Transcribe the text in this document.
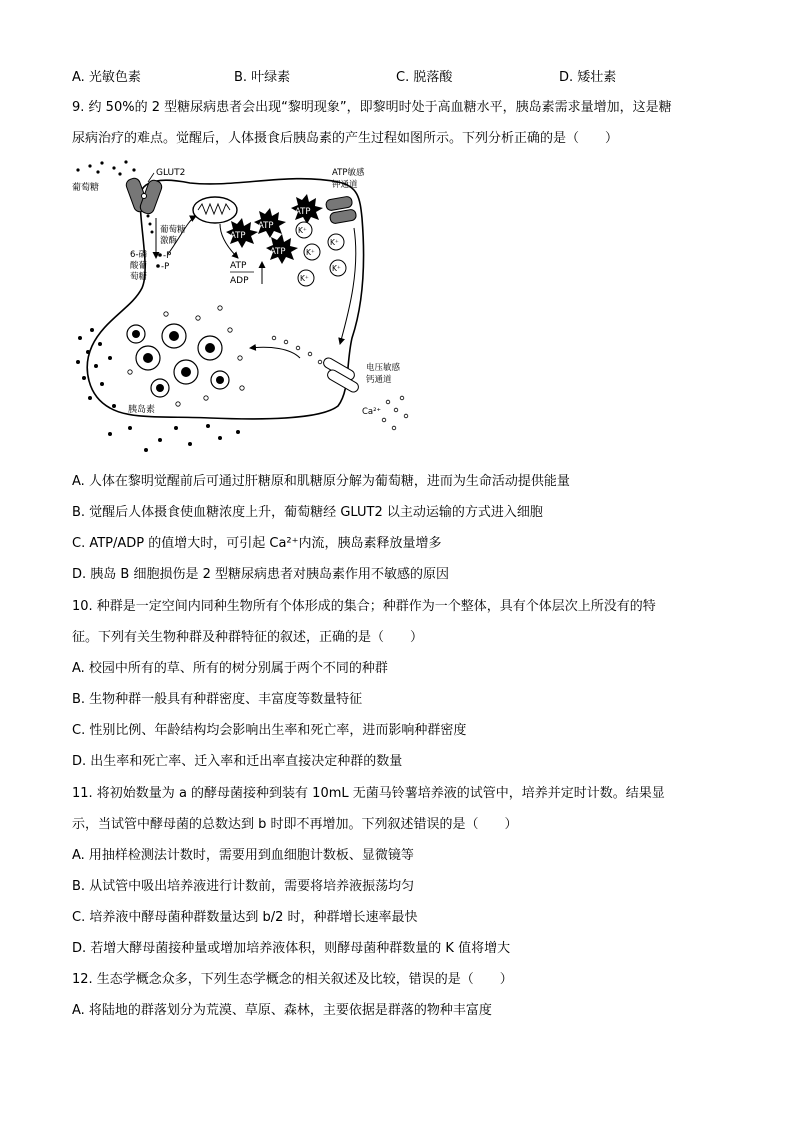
A. 光敏色素	B. 叶绿素	C. 脱落酸	D. 矮壮素
9. 约 50%的 2 型糖尿病患者会出现“黎明现象”，即黎明时处于高血糖水平，胰岛素需求量增加，这是糖
尿病治疗的难点。觉醒后，人体摄食后胰岛素的产生过程如图所示。下列分析正确的是（　　）
葡萄糖
GLUT2
葡萄糖
激酶
6-磷
酸葡
萄糖
-P
-P	ATP
ADP
ATP
ATP
ATP
ATP
K⁺
K⁺
K⁺
K⁺
K⁺
ATP敏感
钾通道
电压敏感
钙通道
Ca²⁺
胰岛素
A. 人体在黎明觉醒前后可通过肝糖原和肌糖原分解为葡萄糖，进而为生命活动提供能量
B. 觉醒后人体摄食使血糖浓度上升，葡萄糖经 GLUT2 以主动运输的方式进入细胞
C. ATP/ADP 的值增大时，可引起 Ca²⁺内流，胰岛素释放量增多
D. 胰岛 B 细胞损伤是 2 型糖尿病患者对胰岛素作用不敏感的原因
10. 种群是一定空间内同种生物所有个体形成的集合；种群作为一个整体，具有个体层次上所没有的特
征。下列有关生物种群及种群特征的叙述，正确的是（　　）
A. 校园中所有的草、所有的树分别属于两个不同的种群
B. 生物种群一般具有种群密度、丰富度等数量特征
C. 性别比例、年龄结构均会影响出生率和死亡率，进而影响种群密度
D. 出生率和死亡率、迁入率和迁出率直接决定种群的数量
11. 将初始数量为 a 的酵母菌接种到装有 10mL 无菌马铃薯培养液的试管中，培养并定时计数。结果显
示，当试管中酵母菌的总数达到 b 时即不再增加。下列叙述错误的是（　　）
A. 用抽样检测法计数时，需要用到血细胞计数板、显微镜等
B. 从试管中吸出培养液进行计数前，需要将培养液振荡均匀
C. 培养液中酵母菌种群数量达到 b/2 时，种群增长速率最快
D. 若增大酵母菌接种量或增加培养液体积，则酵母菌种群数量的 K 值将增大
12. 生态学概念众多，下列生态学概念的相关叙述及比较，错误的是（　　）
A. 将陆地的群落划分为荒漠、草原、森林，主要依据是群落的物种丰富度
